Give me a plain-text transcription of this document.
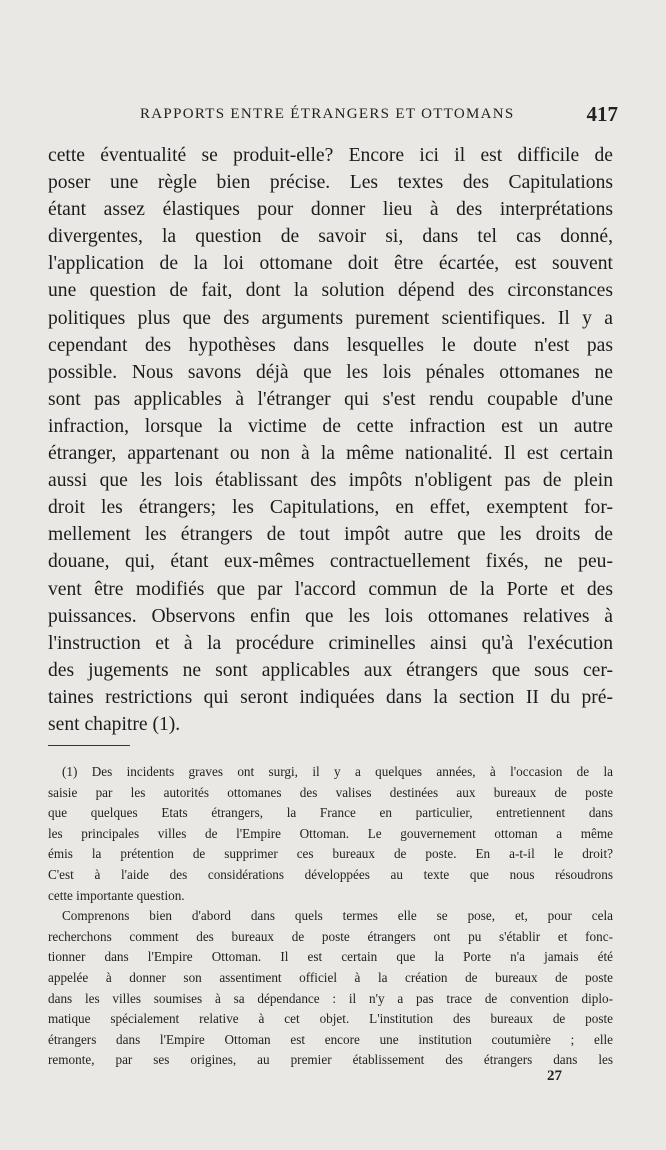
RAPPORTS ENTRE ÉTRANGERS ET OTTOMANS	417
cette éventualité se produit-elle? Encore ici il est difficile de
poser une règle bien précise. Les textes des Capitulations
étant assez élastiques pour donner lieu à des interprétations
divergentes, la question de savoir si, dans tel cas donné,
l'application de la loi ottomane doit être écartée, est souvent
une question de fait, dont la solution dépend des circonstances
politiques plus que des arguments purement scientifiques. Il y a
cependant des hypothèses dans lesquelles le doute n'est pas
possible. Nous savons déjà que les lois pénales ottomanes ne
sont pas applicables à l'étranger qui s'est rendu coupable d'une
infraction, lorsque la victime de cette infraction est un autre
étranger, appartenant ou non à la même nationalité. Il est certain
aussi que les lois établissant des impôts n'obligent pas de plein
droit les étrangers; les Capitulations, en effet, exemptent for-
mellement les étrangers de tout impôt autre que les droits de
douane, qui, étant eux-mêmes contractuellement fixés, ne peu-
vent être modifiés que par l'accord commun de la Porte et des
puissances. Observons enfin que les lois ottomanes relatives à
l'instruction et à la procédure criminelles ainsi qu'à l'exécution
des jugements ne sont applicables aux étrangers que sous cer-
taines restrictions qui seront indiquées dans la section II du pré-
sent chapitre (1).
(1) Des incidents graves ont surgi, il y a quelques années, à l'occasion de la
saisie par les autorités ottomanes des valises destinées aux bureaux de poste
que quelques Etats étrangers, la France en particulier, entretiennent dans
les principales villes de l'Empire Ottoman. Le gouvernement ottoman a même
émis la prétention de supprimer ces bureaux de poste. En a-t-il le droit?
C'est à l'aide des considérations développées au texte que nous résoudrons
cette importante question.
Comprenons bien d'abord dans quels termes elle se pose, et, pour cela
recherchons comment des bureaux de poste étrangers ont pu s'établir et fonc-
tionner dans l'Empire Ottoman. Il est certain que la Porte n'a jamais été
appelée à donner son assentiment officiel à la création de bureaux de poste
dans les villes soumises à sa dépendance : il n'y a pas trace de convention diplo-
matique spécialement relative à cet objet. L'institution des bureaux de poste
étrangers dans l'Empire Ottoman est encore une institution coutumière ; elle
remonte, par ses origines, au premier établissement des étrangers dans les
27
